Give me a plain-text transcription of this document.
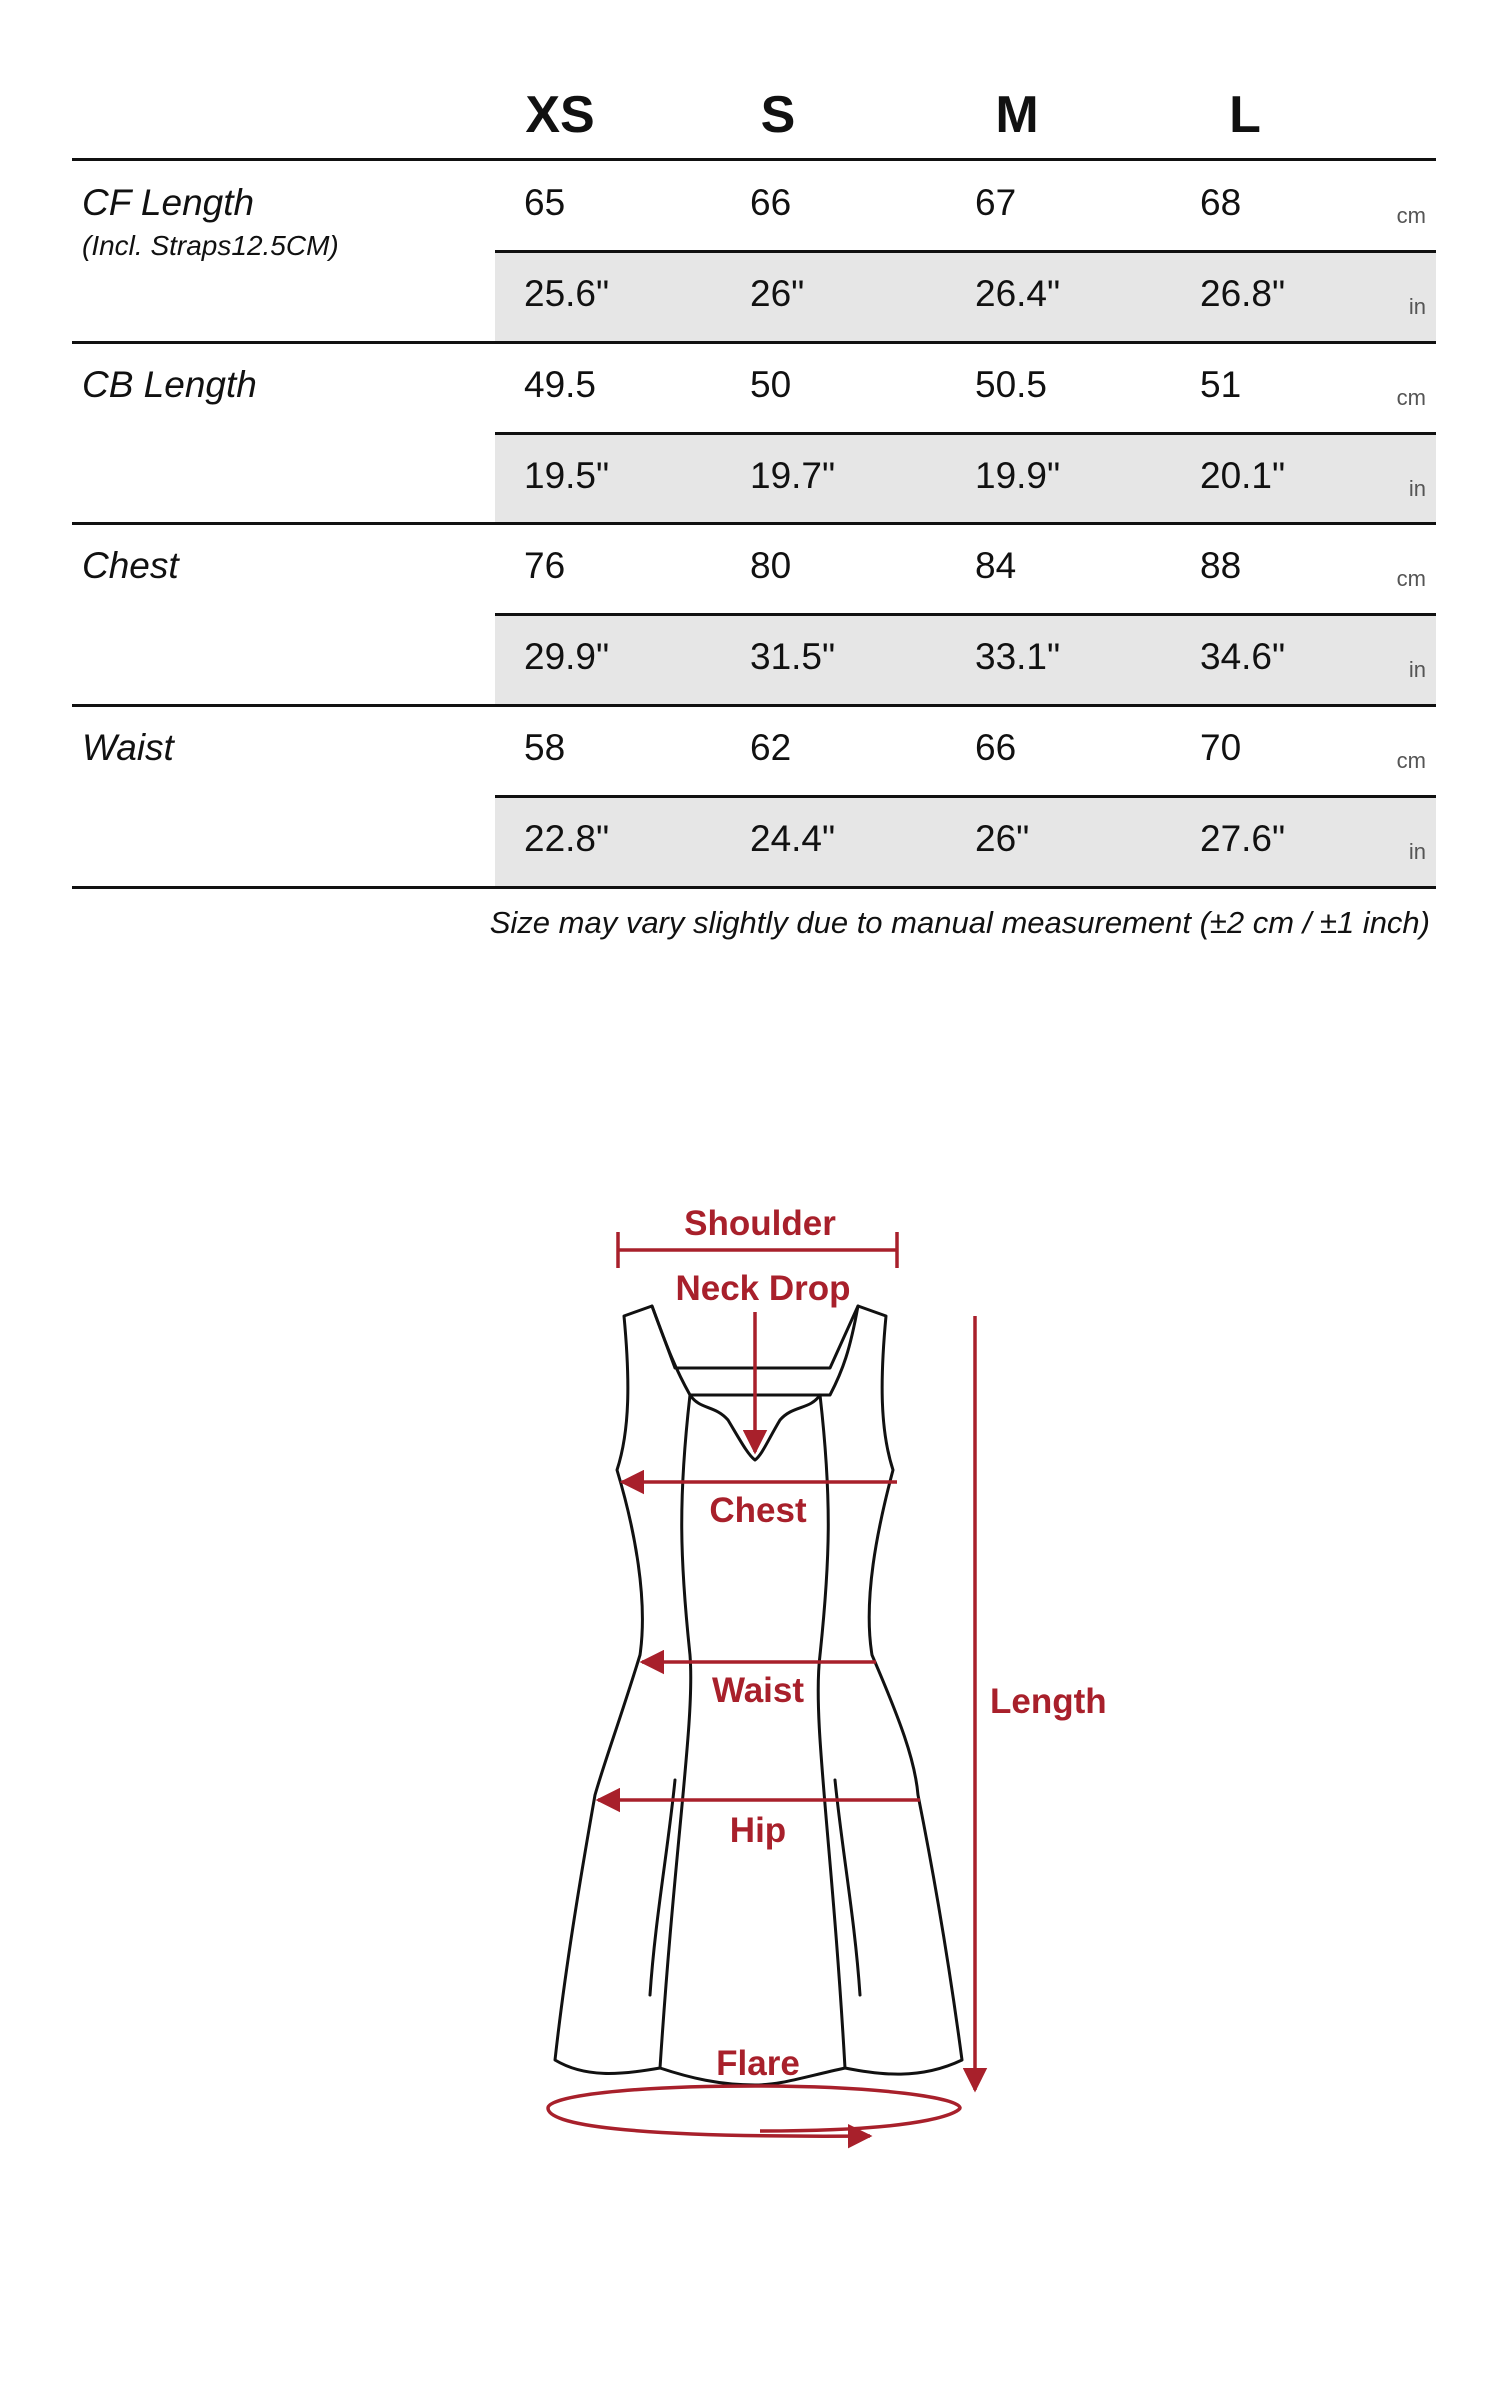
XS	S	M	L
CF Length
(Incl. Straps12.5CM)
65	66	67	68	cm
25.6"	26"	26.4"	26.8"	in
CB Length	49.5	50	50.5	51	cm
19.5"	19.7"	19.9"	20.1"	in
Chest	76	80	84	88	cm
29.9"	31.5"	33.1"	34.6"	in
Waist	58	62	66	70	cm
22.8"	24.4"	26"	27.6"	in
Size may vary slightly due to manual measurement (±2 cm / ±1 inch)
Shoulder
Neck Drop
Chest
Waist
Hip
Flare
Length
